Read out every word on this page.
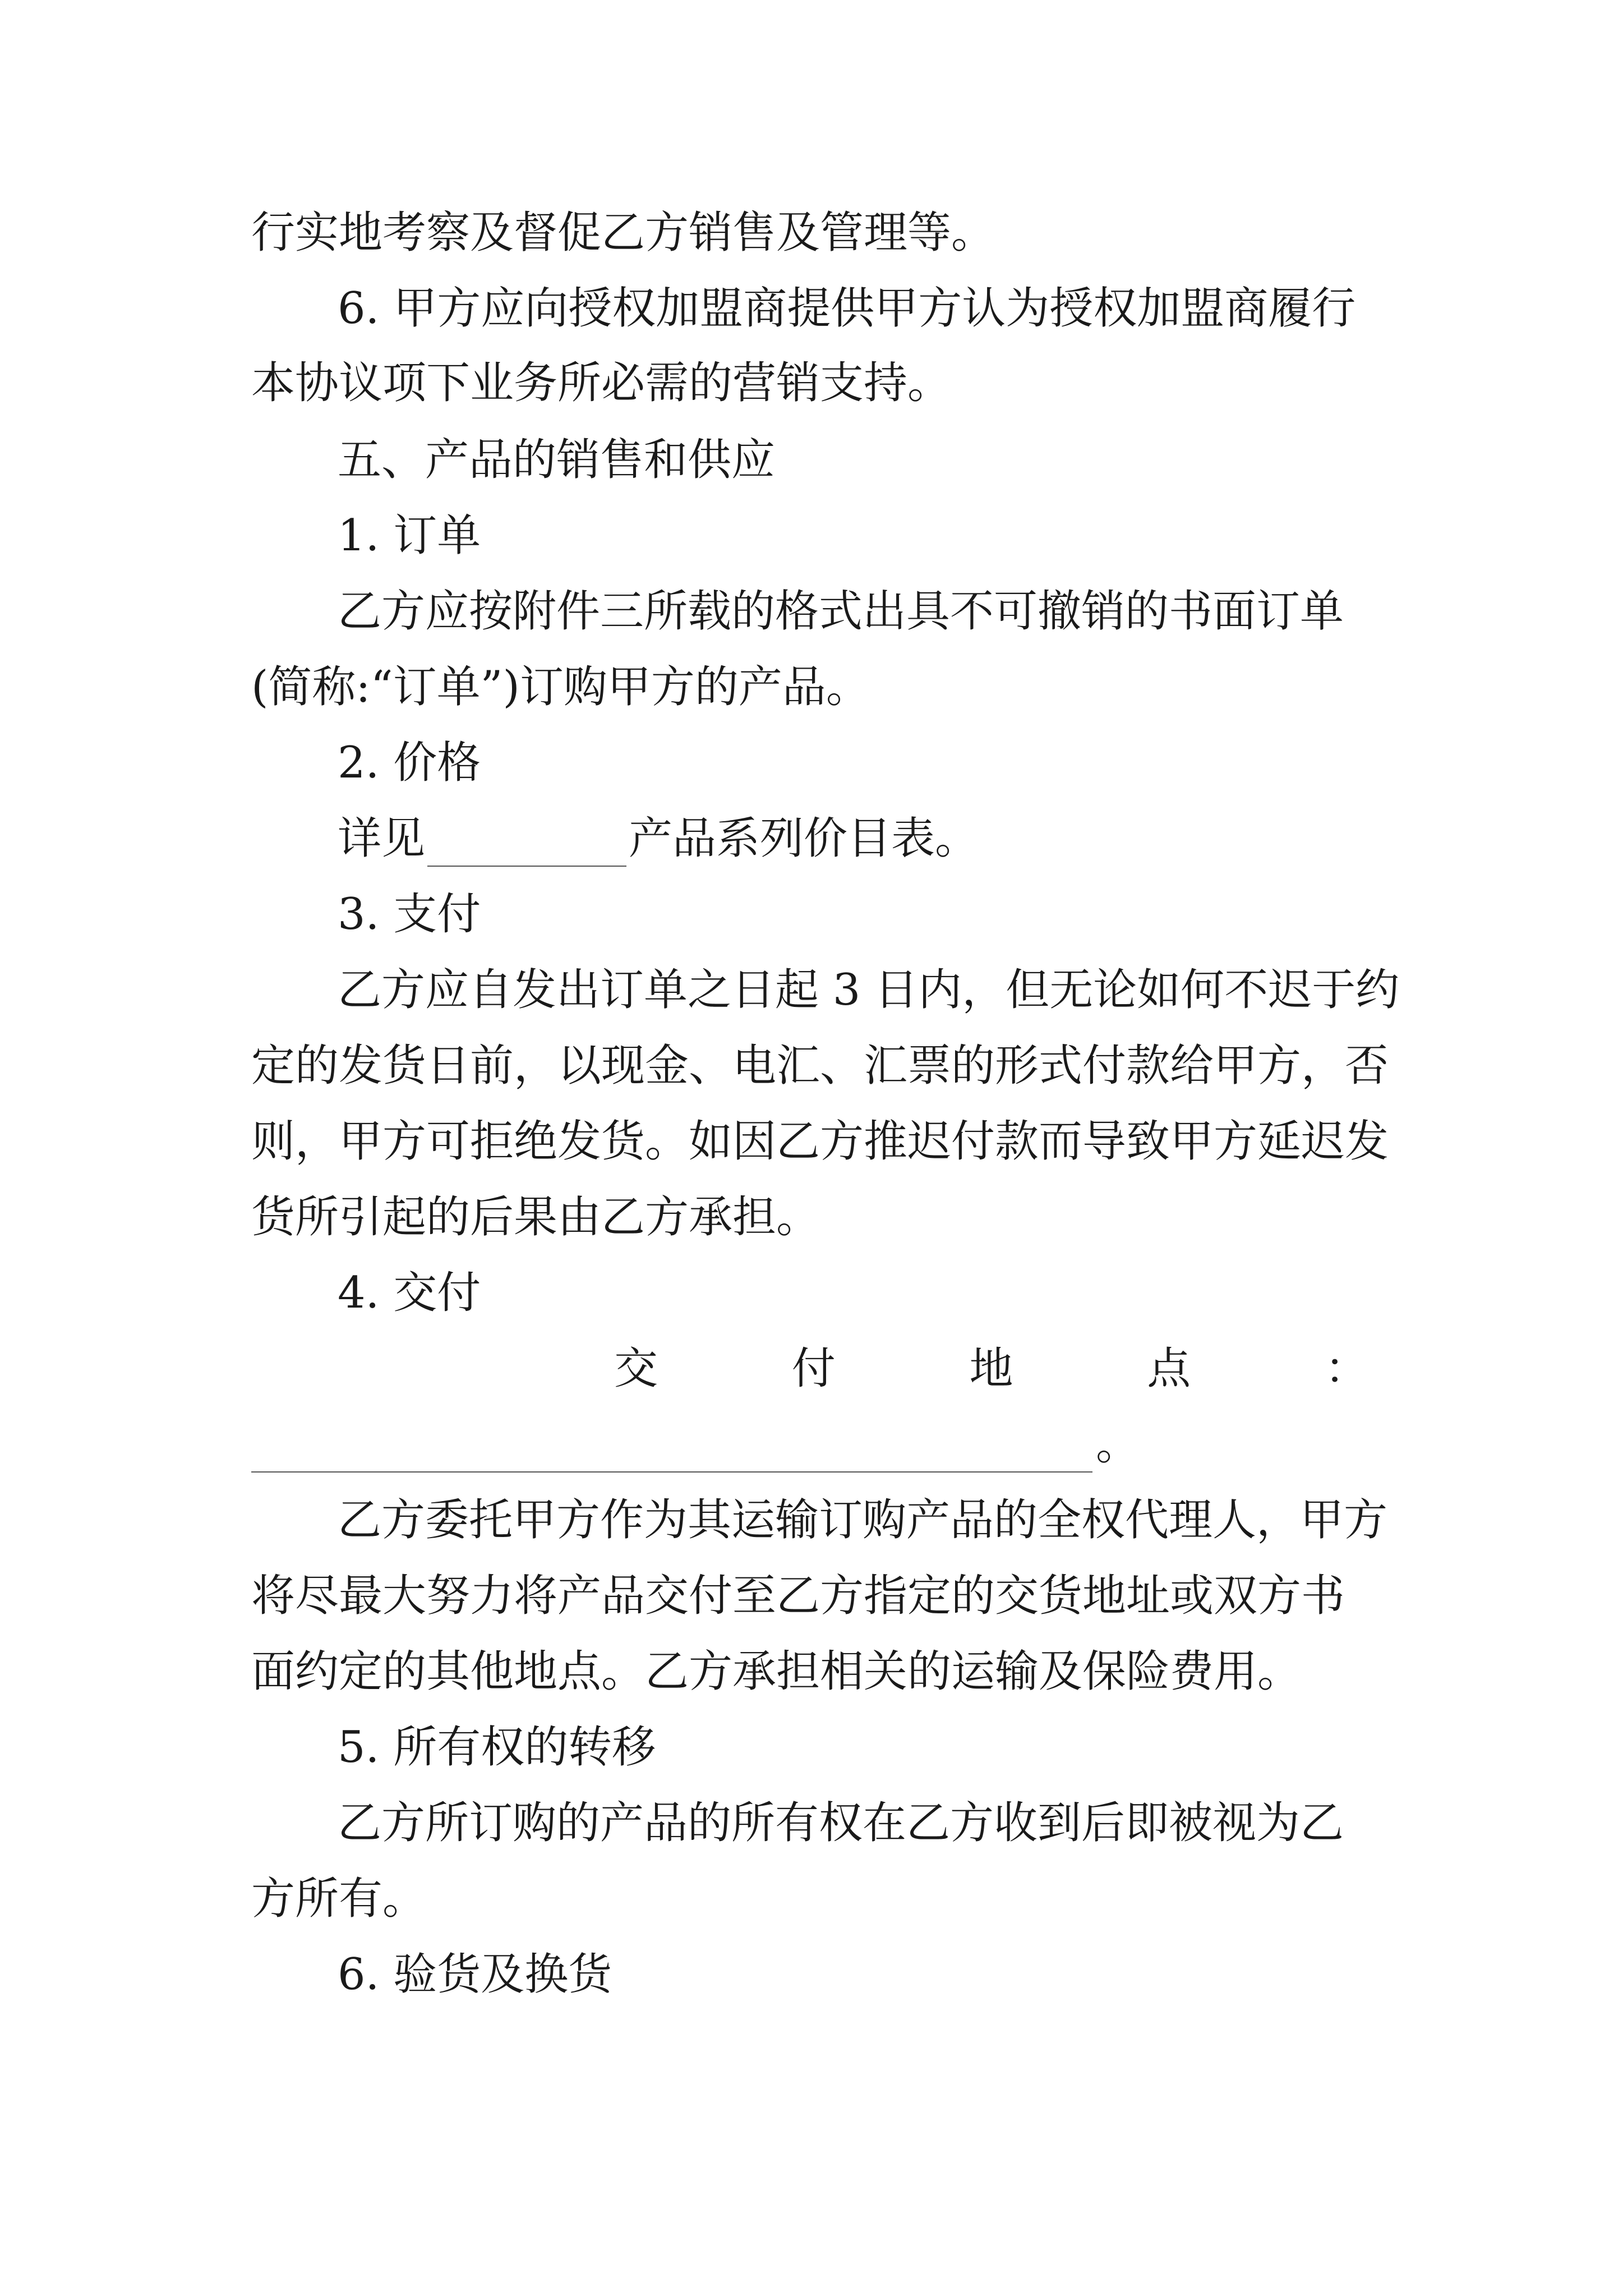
行实地考察及督促乙方销售及管理等。
6. 甲方应向授权加盟商提供甲方认为授权加盟商履行
本协议项下业务所必需的营销支持。
五、产品的销售和供应
1. 订单
乙方应按附件三所载的格式出具不可撤销的书面订单
(简称:“订单”)订购甲方的产品。
2. 价格
详见	产品系列价目表。
3. 支付
乙方应自发出订单之日起 3 日内，但无论如何不迟于约
定的发货日前，以现金、电汇、汇票的形式付款给甲方，否
则，甲方可拒绝发货。如因乙方推迟付款而导致甲方延迟发
货所引起的后果由乙方承担。
4. 交付
交	付	地	点	：
。
乙方委托甲方作为其运输订购产品的全权代理人，甲方
将尽最大努力将产品交付至乙方指定的交货地址或双方书
面约定的其他地点。乙方承担相关的运输及保险费用。
5. 所有权的转移
乙方所订购的产品的所有权在乙方收到后即被视为乙
方所有。
6. 验货及换货
